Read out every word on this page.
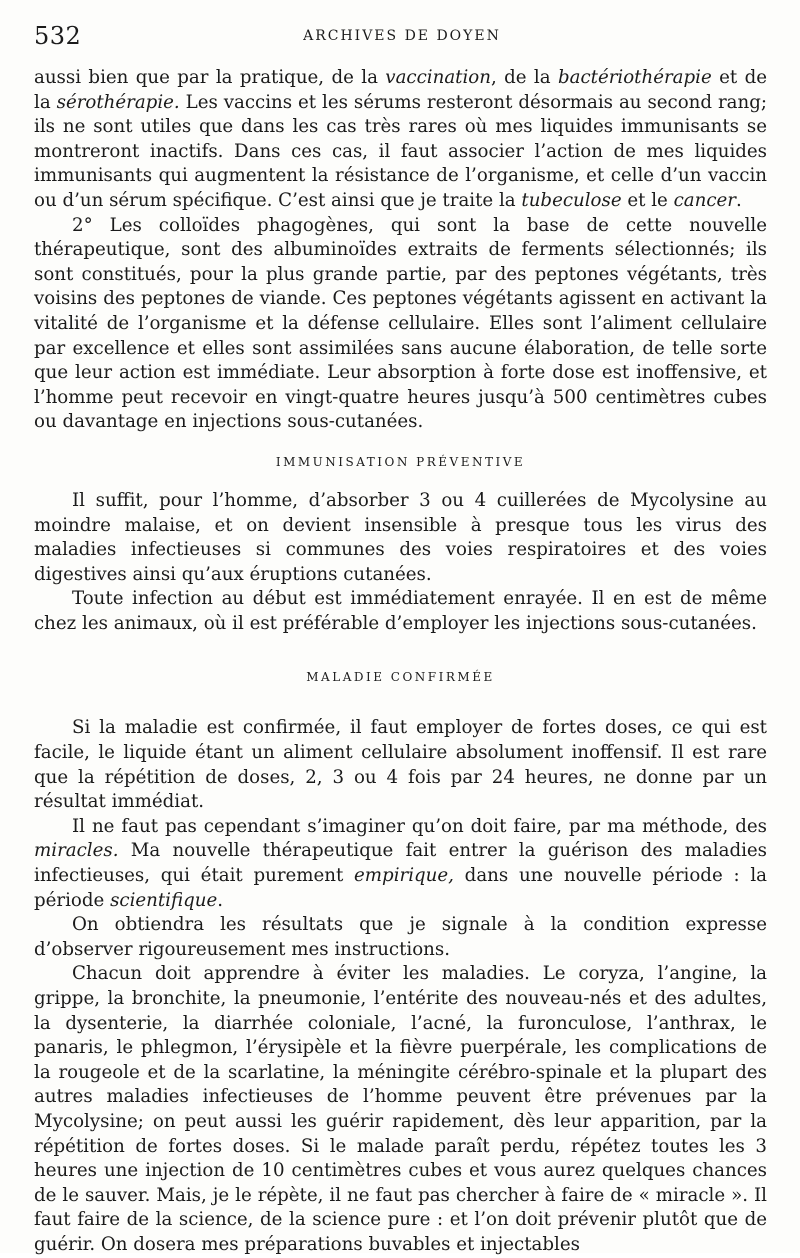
532	ARCHIVES DE DOYEN

aussi bien que par la pratique, de la vaccination, de la bactériothérapie et de la sérothérapie. Les vaccins et les sérums resteront désormais au second rang; ils ne sont utiles que dans les cas très rares où mes liquides immunisants se montreront inactifs. Dans ces cas, il faut associer l’action de mes liquides immunisants qui augmentent la résistance de l’organisme, et celle d’un vaccin ou d’un sérum spécifique. C’est ainsi que je traite la tubeculose et le cancer.

2° Les colloïdes phagogènes, qui sont la base de cette nouvelle thérapeutique, sont des albuminoïdes extraits de ferments sélectionnés; ils sont constitués, pour la plus grande partie, par des peptones végétants, très voisins des peptones de viande. Ces peptones végétants agissent en activant la vitalité de l’organisme et la défense cellulaire. Elles sont l’aliment cellulaire par excellence et elles sont assimilées sans aucune élaboration, de telle sorte que leur action est immédiate. Leur absorption à forte dose est inoffensive, et l’homme peut recevoir en vingt-quatre heures jusqu’à 500 centimètres cubes ou davantage en injections sous-cutanées.

IMMUNISATION PRÉVENTIVE

Il suffit, pour l’homme, d’absorber 3 ou 4 cuillerées de Mycolysine au moindre malaise, et on devient insensible à presque tous les virus des maladies infectieuses si communes des voies respiratoires et des voies digestives ainsi qu’aux éruptions cutanées.

Toute infection au début est immédiatement enrayée. Il en est de même chez les animaux, où il est préférable d’employer les injections sous-cutanées.

MALADIE CONFIRMÉE

Si la maladie est confirmée, il faut employer de fortes doses, ce qui est facile, le liquide étant un aliment cellulaire absolument inoffensif. Il est rare que la répétition de doses, 2, 3 ou 4 fois par 24 heures, ne donne par un résultat immédiat.

Il ne faut pas cependant s’imaginer qu’on doit faire, par ma méthode, des miracles. Ma nouvelle thérapeutique fait entrer la guérison des maladies infectieuses, qui était purement empirique, dans une nouvelle période : la période scientifique.

On obtiendra les résultats que je signale à la condition expresse d’observer rigoureusement mes instructions.

Chacun doit apprendre à éviter les maladies. Le coryza, l’angine, la grippe, la bronchite, la pneumonie, l’entérite des nouveau-nés et des adultes, la dysenterie, la diarrhée coloniale, l’acné, la furonculose, l’anthrax, le panaris, le phlegmon, l’érysipèle et la fièvre puerpérale, les complications de la rougeole et de la scarlatine, la méningite cérébro-spinale et la plupart des autres maladies infectieuses de l’homme peuvent être prévenues par la Mycolysine; on peut aussi les guérir rapidement, dès leur apparition, par la répétition de fortes doses. Si le malade paraît perdu, répétez toutes les 3 heures une injection de 10 centimètres cubes et vous aurez quelques chances de le sauver. Mais, je le répète, il ne faut pas chercher à faire de « miracle ». Il faut faire de la science, de la science pure : et l’on doit prévenir plutôt que de guérir. On dosera mes préparations buvables et injectables
